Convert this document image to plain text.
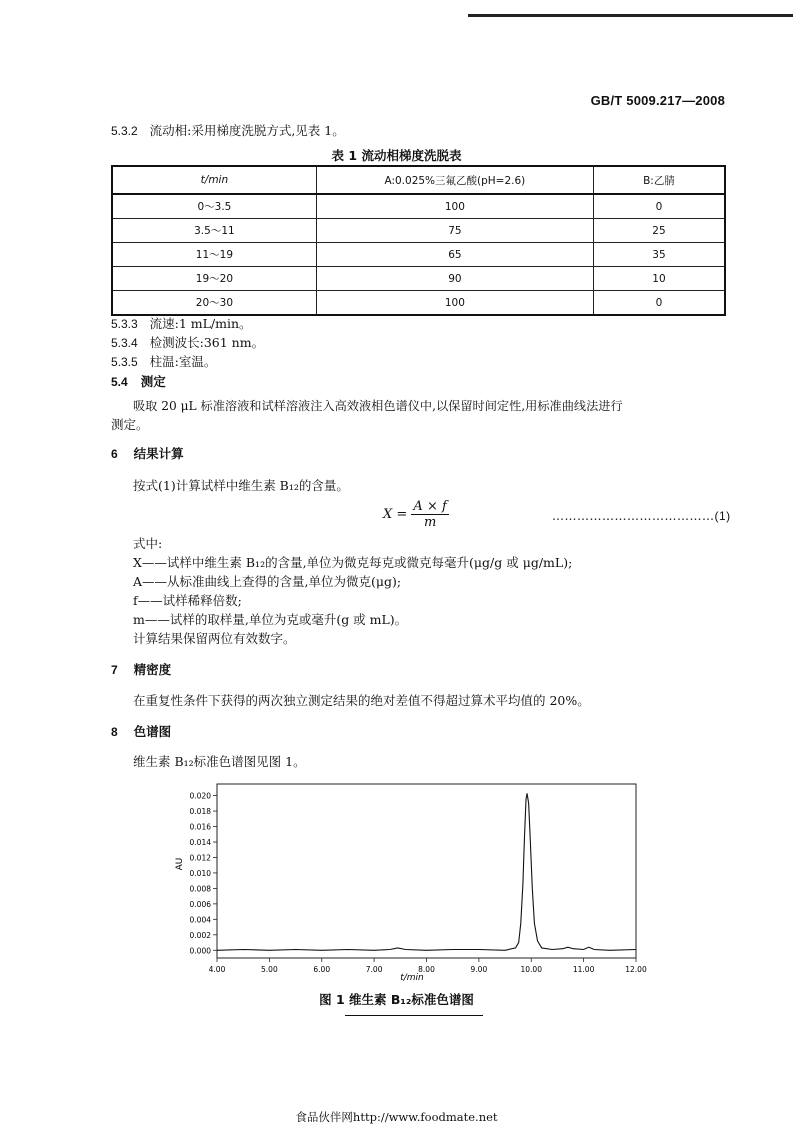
GB/T 5009.217—2008
5.3.2 流动相:采用梯度洗脱方式,见表 1。
表 1 流动相梯度洗脱表
t/min	A:0.025%三氟乙酸(pH=2.6)	B:乙腈
0～3.5	100	0
3.5～11	75	25
11～19	65	35
19～20	90	10
20～30	100	0
5.3.3 流速:1 mL/min。
5.3.4 检测波长:361 nm。
5.3.5 柱温:室温。
5.4 测定
吸取 20 μL 标准溶液和试样溶液注入高效液相色谱仪中,以保留时间定性,用标准曲线法进行
测定。
6 结果计算
按式(1)计算试样中维生素 B₁₂的含量。
$X = \frac{A \times f}{m}$	…………………………………(1)
式中:
X——试样中维生素 B₁₂的含量,单位为微克每克或微克每毫升(μg/g 或 μg/mL);
A——从标准曲线上查得的含量,单位为微克(μg);
f——试样稀释倍数;
m——试样的取样量,单位为克或毫升(g 或 mL)。
计算结果保留两位有效数字。
7 精密度
在重复性条件下获得的两次独立测定结果的绝对差值不得超过算术平均值的 20%。
8 色谱图
维生素 B₁₂标准色谱图见图 1。
0.000
0.002
0.004
0.006
0.008
0.010
0.012
0.014
0.016
0.018
0.020
4.00	5.00	6.00	7.00	8.00	9.00	10.00	11.00	12.00
AU
t/min
图 1 维生素 B₁₂标准色谱图
食品伙伴网http://www.foodmate.net
